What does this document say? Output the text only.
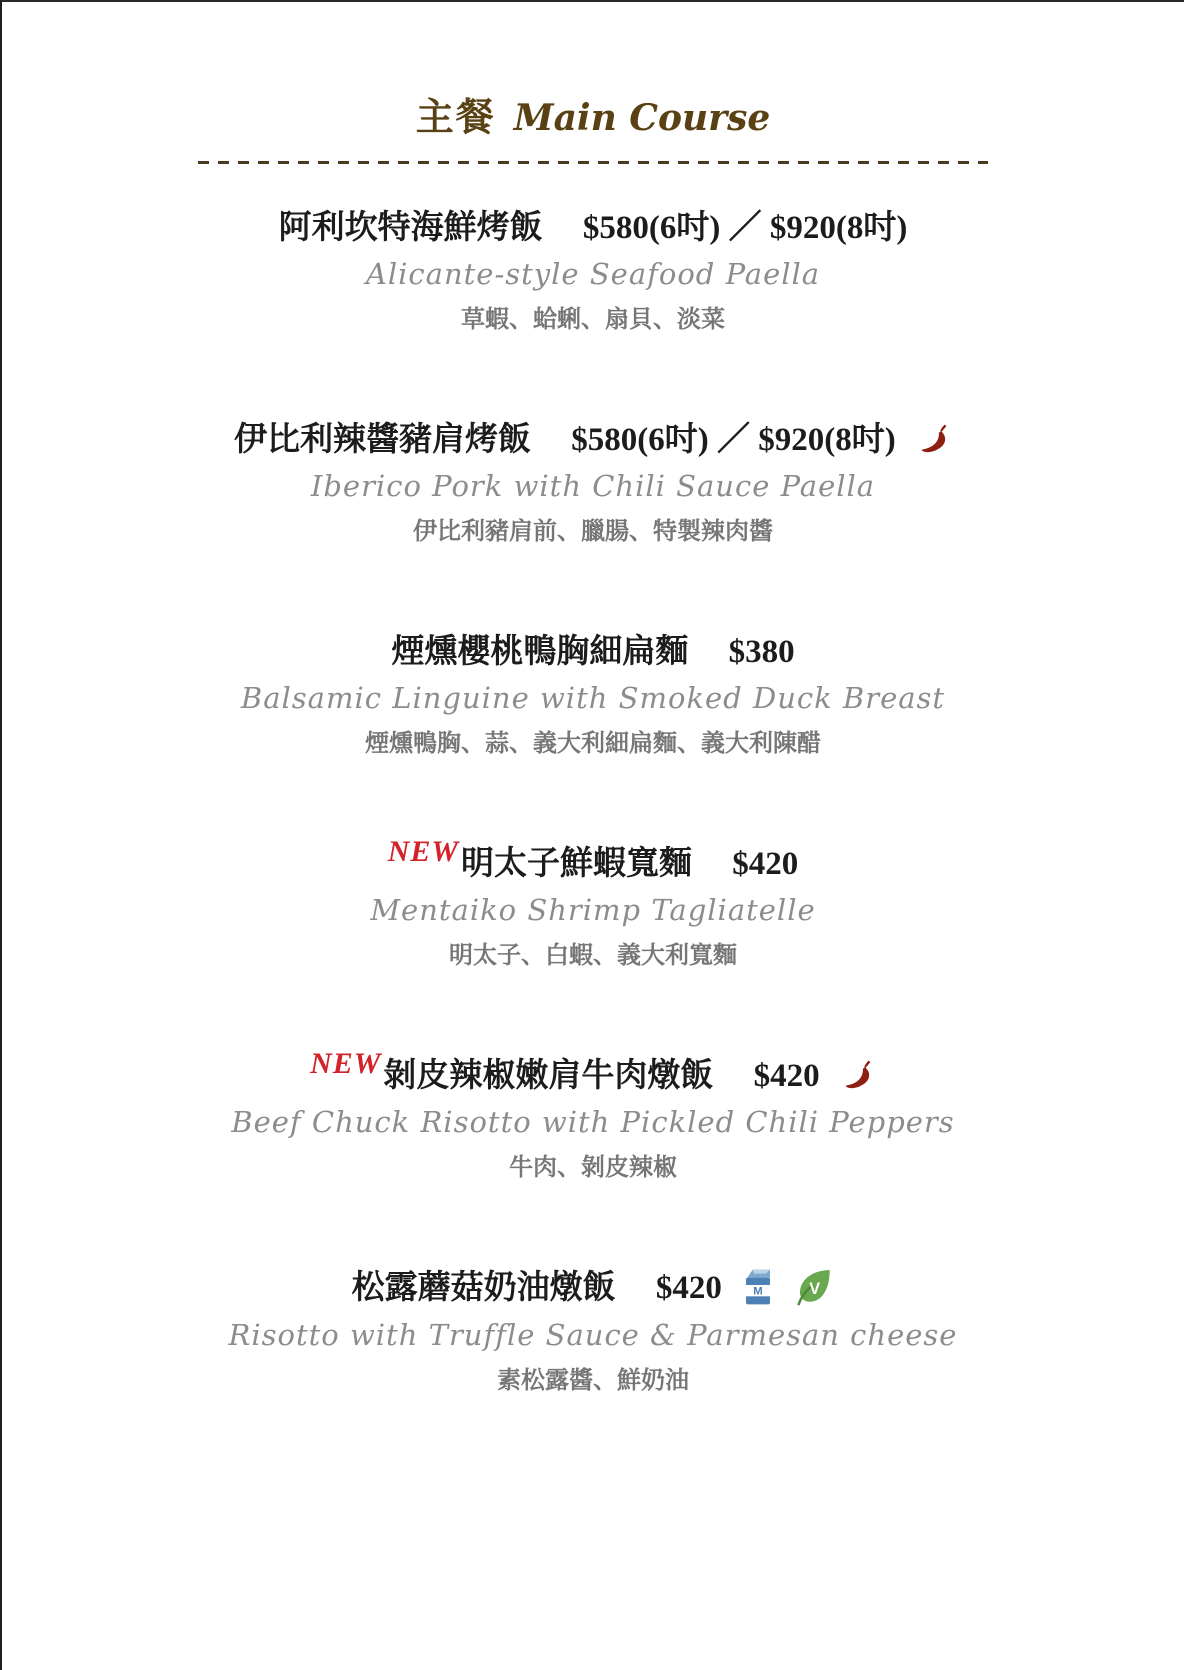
主餐 Main Course
阿利坎特海鮮烤飯 $580(6吋) ／ $920(8吋)
Alicante-style Seafood Paella
草蝦、蛤蜊、扇貝、淡菜
伊比利辣醬豬肩烤飯 $580(6吋) ／ $920(8吋)
Iberico Pork with Chili Sauce Paella
伊比利豬肩前、臘腸、特製辣肉醬
煙燻櫻桃鴨胸細扁麵 $380
Balsamic Linguine with Smoked Duck Breast
煙燻鴨胸、蒜、義大利細扁麵、義大利陳醋
NEW明太子鮮蝦寬麵 $420
Mentaiko Shrimp Tagliatelle
明太子、白蝦、義大利寬麵
NEW剝皮辣椒嫩肩牛肉燉飯 $420
Beef Chuck Risotto with Pickled Chili Peppers
牛肉、剝皮辣椒
松露蘑菇奶油燉飯 $420	M
	V
Risotto with Truffle Sauce & Parmesan cheese
素松露醬、鮮奶油
